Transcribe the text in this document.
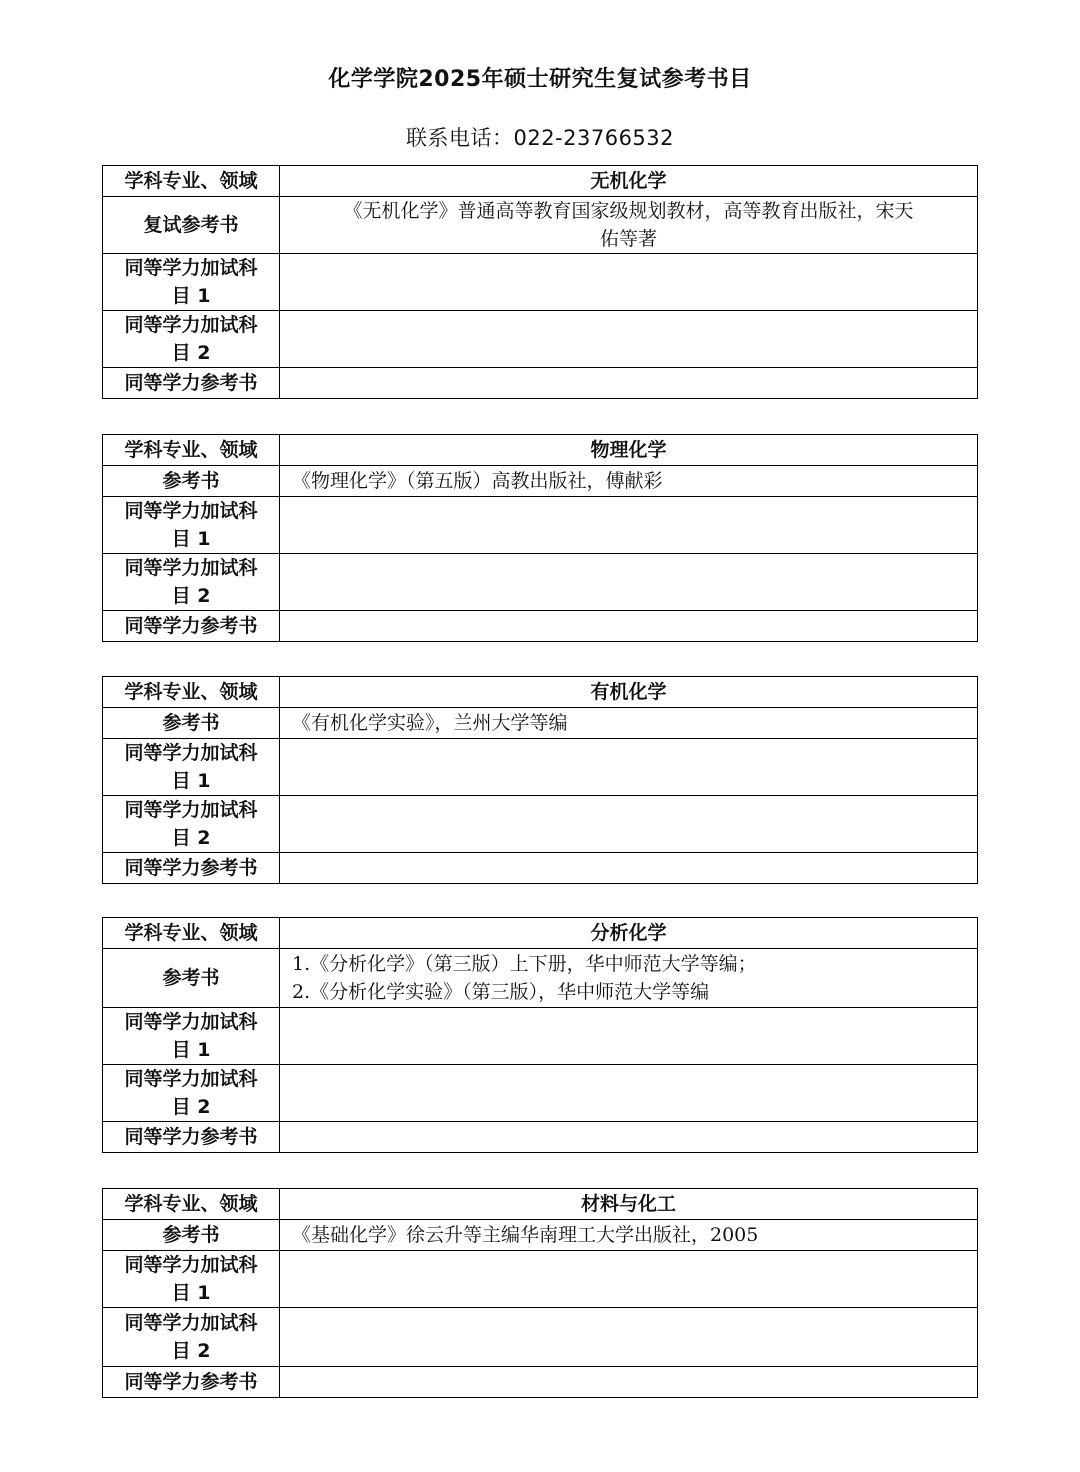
化学学院2025年硕士研究生复试参考书目
联系电话：022-23766532
学科专业、领域	无机化学
复试参考书	《无机化学》普通高等教育国家级规划教材，高等教育出版社，宋天
佑等著

同等学力加试科
目 1	

同等学力加试科
目 2	

同等学力参考书	
学科专业、领域	物理化学
参考书	《物理化学》（第五版）高教出版社，傅献彩

同等学力加试科
目 1	

同等学力加试科
目 2	

同等学力参考书	
学科专业、领域	有机化学
参考书	《有机化学实验》，兰州大学等编

同等学力加试科
目 1	

同等学力加试科
目 2	

同等学力参考书	
学科专业、领域	分析化学
参考书	1.《分析化学》（第三版）上下册，华中师范大学等编；
2.《分析化学实验》（第三版），华中师范大学等编

同等学力加试科
目 1	

同等学力加试科
目 2	

同等学力参考书	
学科专业、领域	材料与化工
参考书	《基础化学》徐云升等主编华南理工大学出版社，2005

同等学力加试科
目 1	

同等学力加试科
目 2	

同等学力参考书	
